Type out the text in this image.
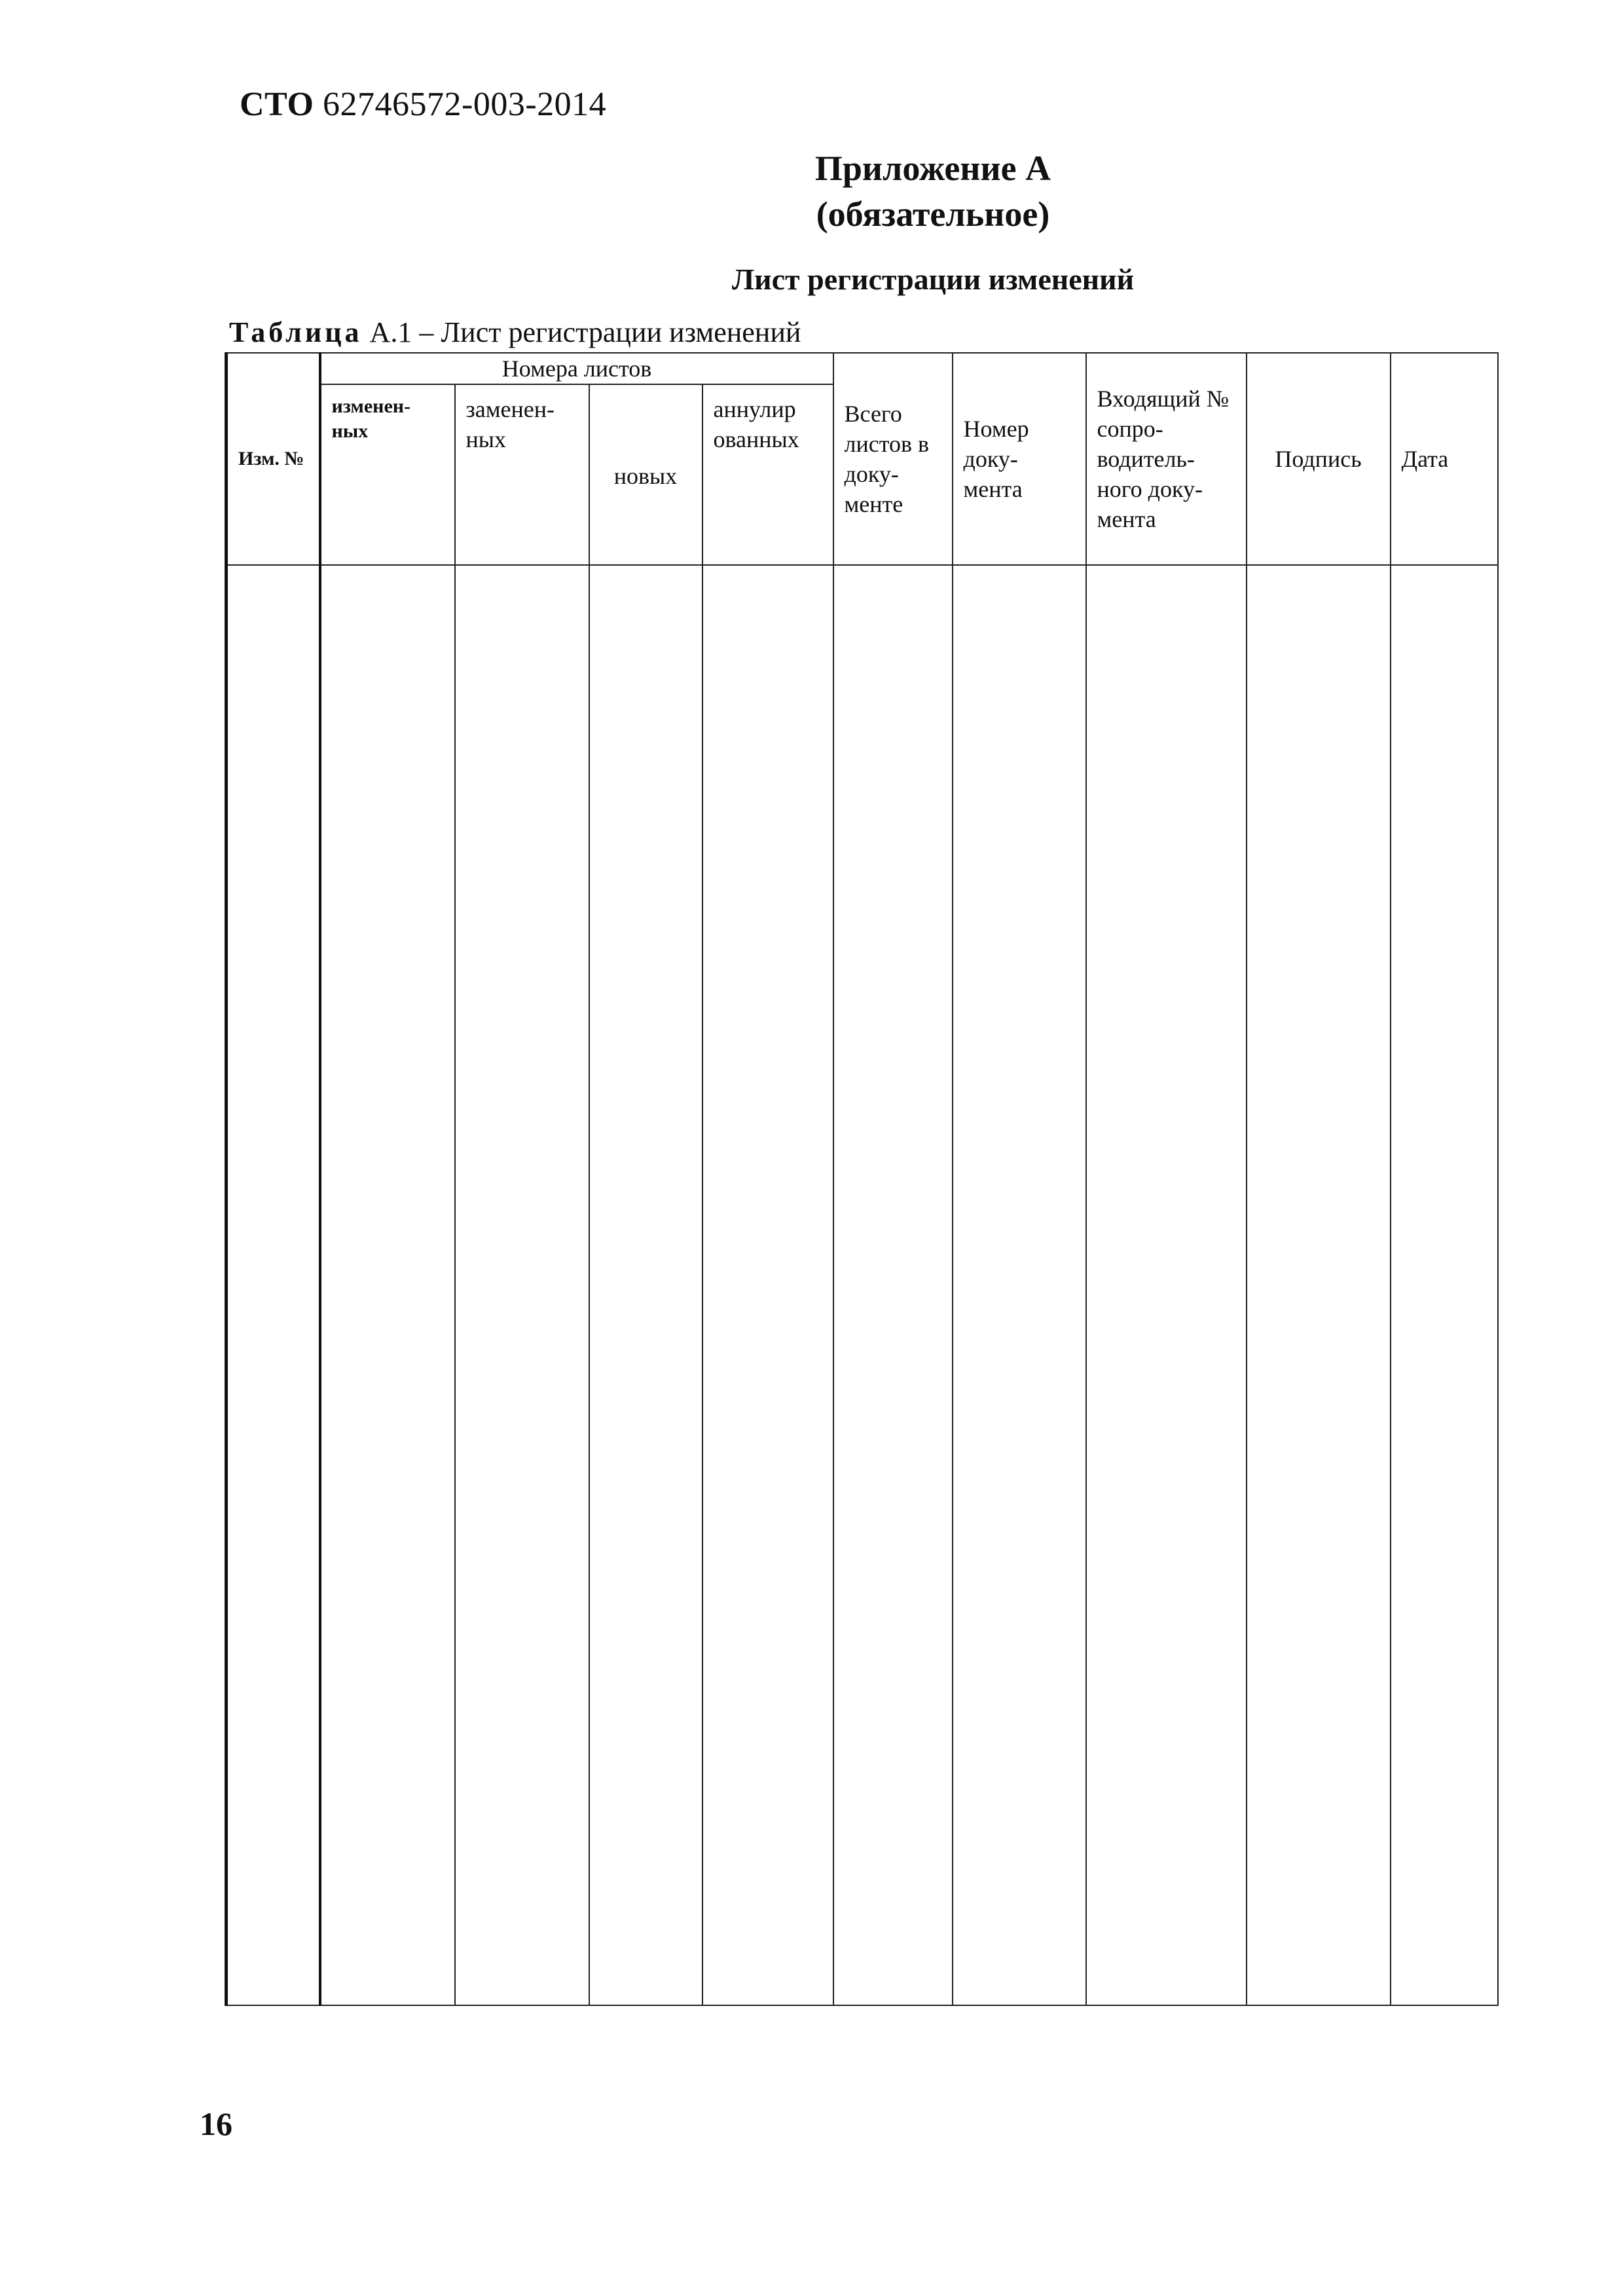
СТО 62746572-003-2014
Приложение А
(обязательное)
Лист регистрации изменений
Таблица А.1 – Лист регистрации изменений
Изм. №	Номера листов				Всего листов в доку-менте	Номер доку-мента	Входящий № сопро-водитель-ного доку-мента	Подпись	Дата
	изменен-ных	заменен-ных	новых	аннулир ованных					

16
